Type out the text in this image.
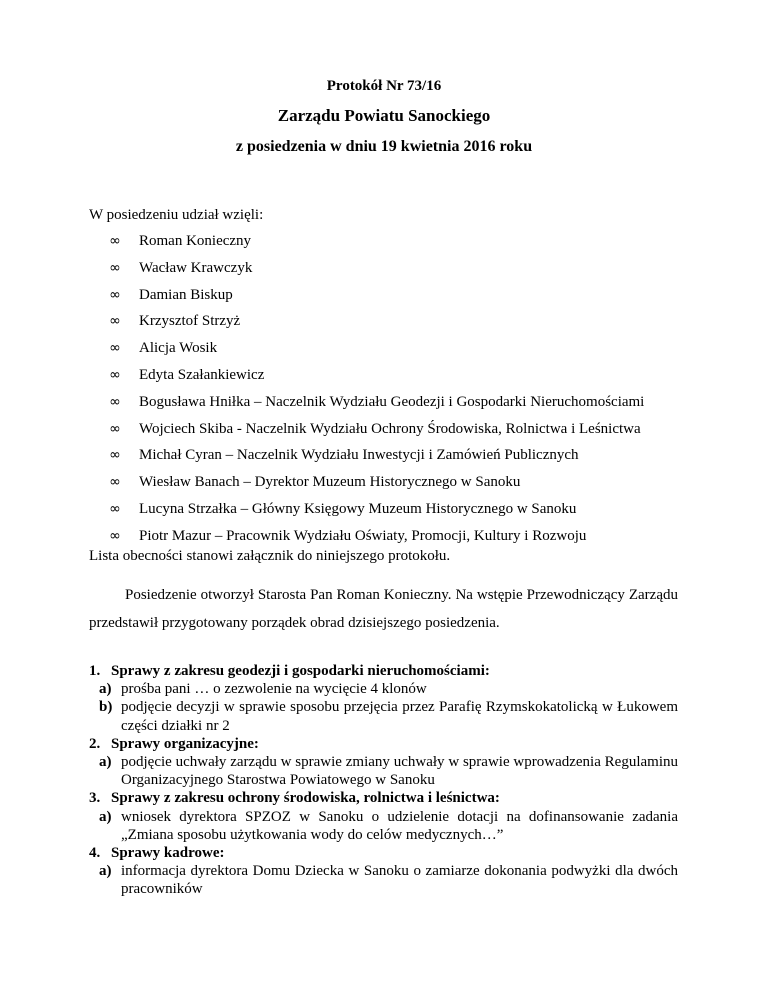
Protokół Nr 73/16
Zarządu Powiatu Sanockiego
z posiedzenia w dniu 19 kwietnia 2016 roku
W posiedzeniu udział wzięli:
∞ Roman Konieczny
∞ Wacław Krawczyk
∞ Damian Biskup
∞ Krzysztof Strzyż
∞ Alicja Wosik
∞ Edyta Szałankiewicz
∞ Bogusława Hniłka – Naczelnik Wydziału Geodezji i Gospodarki Nieruchomościami
∞ Wojciech Skiba - Naczelnik Wydziału Ochrony Środowiska, Rolnictwa i Leśnictwa
∞ Michał Cyran – Naczelnik Wydziału Inwestycji i Zamówień Publicznych
∞ Wiesław Banach – Dyrektor Muzeum Historycznego w Sanoku
∞ Lucyna Strzałka – Główny Księgowy Muzeum Historycznego w Sanoku
∞ Piotr Mazur – Pracownik Wydziału Oświaty, Promocji, Kultury i Rozwoju
Lista obecności stanowi załącznik do niniejszego protokołu.
Posiedzenie otworzył Starosta Pan Roman Konieczny. Na wstępie Przewodniczący Zarządu przedstawił przygotowany porządek obrad dzisiejszego posiedzenia.
1. Sprawy z zakresu geodezji i gospodarki nieruchomościami:
a) prośba pani … o zezwolenie na wycięcie 4 klonów
b) podjęcie decyzji w sprawie sposobu przejęcia przez Parafię Rzymskokatolicką w Łukowem części działki nr 2
2. Sprawy organizacyjne:
a) podjęcie uchwały zarządu w sprawie zmiany uchwały w sprawie wprowadzenia Regulaminu Organizacyjnego Starostwa Powiatowego w Sanoku
3. Sprawy z zakresu ochrony środowiska, rolnictwa i leśnictwa:
a) wniosek dyrektora SPZOZ w Sanoku o udzielenie dotacji na dofinansowanie zadania „Zmiana sposobu użytkowania wody do celów medycznych…”
4. Sprawy kadrowe:
a) informacja dyrektora Domu Dziecka w Sanoku o zamiarze dokonania podwyżki dla dwóch pracowników
